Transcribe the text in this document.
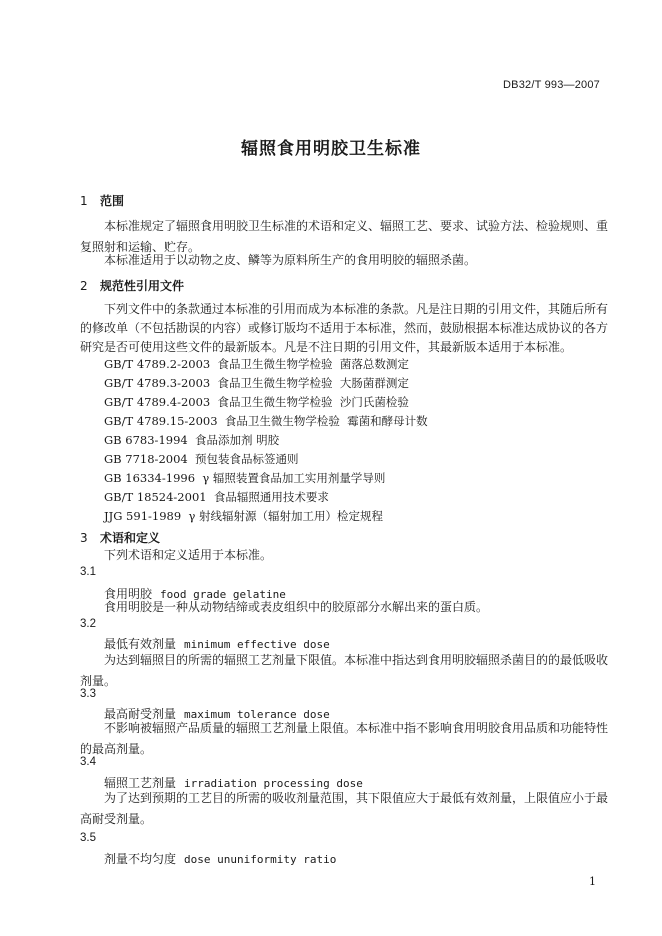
DB32/T 993—2007
辐照食用明胶卫生标准
1 范围
本标准规定了辐照食用明胶卫生标准的术语和定义、辐照工艺、要求、试验方法、检验规则、重复照射和运输、贮存。
本标准适用于以动物之皮、鳞等为原料所生产的食用明胶的辐照杀菌。
2 规范性引用文件
下列文件中的条款通过本标准的引用而成为本标准的条款。凡是注日期的引用文件，其随后所有的修改单（不包括勘误的内容）或修订版均不适用于本标准，然而，鼓励根据本标准达成协议的各方研究是否可使用这些文件的最新版本。凡是不注日期的引用文件，其最新版本适用于本标准。
GB/T 4789.2-2003  食品卫生微生物学检验  菌落总数测定
GB/T 4789.3-2003  食品卫生微生物学检验  大肠菌群测定
GB/T 4789.4-2003  食品卫生微生物学检验  沙门氏菌检验
GB/T 4789.15-2003  食品卫生微生物学检验  霉菌和酵母计数
GB 6783-1994  食品添加剂 明胶
GB 7718-2004  预包装食品标签通则
GB 16334-1996  γ 辐照装置食品加工实用剂量学导则
GB/T 18524-2001  食品辐照通用技术要求
JJG 591-1989  γ 射线辐射源（辐射加工用）检定规程
3 术语和定义
下列术语和定义适用于本标准。
3.1
食用明胶 food grade gelatine
食用明胶是一种从动物结缔或表皮组织中的胶原部分水解出来的蛋白质。
3.2
最低有效剂量 minimum effective dose
为达到辐照目的所需的辐照工艺剂量下限值。本标准中指达到食用明胶辐照杀菌目的的最低吸收剂量。
3.3
最高耐受剂量 maximum tolerance dose
不影响被辐照产品质量的辐照工艺剂量上限值。本标准中指不影响食用明胶食用品质和功能特性的最高剂量。
3.4
辐照工艺剂量 irradiation processing dose
为了达到预期的工艺目的所需的吸收剂量范围，其下限值应大于最低有效剂量，上限值应小于最高耐受剂量。
3.5
剂量不均匀度 dose ununiformity ratio
1
